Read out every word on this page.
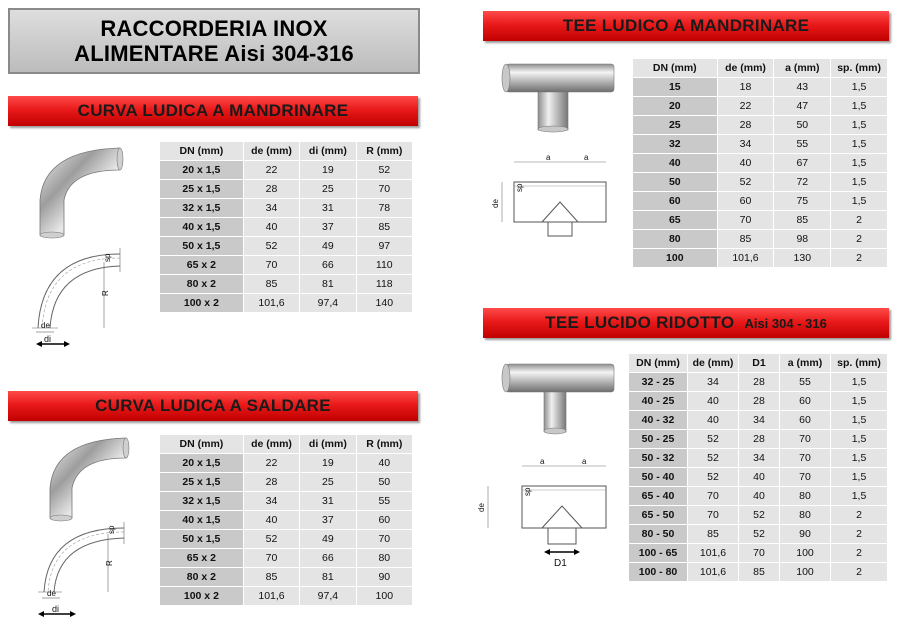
RACCORDERIA INOX
ALIMENTARE Aisi 304-316
CURVA LUDICA A MANDRINARE
R
sp
de
di
DN (mm)	de (mm)	di (mm)	R (mm)
20 x 1,5	22	19	52
25 x 1,5	28	25	70
32 x 1,5	34	31	78
40 x 1,5	40	37	85
50 x 1,5	52	49	97
65 x 2	70	66	110
80 x 2	85	81	118
100 x 2	101,6	97,4	140
CURVA LUDICA A SALDARE
R
sp
de
di
DN (mm)	de (mm)	di (mm)	R (mm)
20 x 1,5	22	19	40
25 x 1,5	28	25	50
32 x 1,5	34	31	55
40 x 1,5	40	37	60
50 x 1,5	52	49	70
65 x 2	70	66	80
80 x 2	85	81	90
100 x 2	101,6	97,4	100
TEE LUDICO A MANDRINARE
a	a
de
sp
DN (mm)	de (mm)	a (mm)	sp. (mm)
15	18	43	1,5
20	22	47	1,5
25	28	50	1,5
32	34	55	1,5
40	40	67	1,5
50	52	72	1,5
60	60	75	1,5
65	70	85	2
80	85	98	2
100	101,6	130	2
TEE LUCIDO RIDOTTO Aisi 304 - 316
a	a
de
sp
D1
DN (mm)	de (mm)	D1	a (mm)	sp. (mm)
32 - 25	34	28	55	1,5
40 - 25	40	28	60	1,5
40 - 32	40	34	60	1,5
50 - 25	52	28	70	1,5
50 - 32	52	34	70	1,5
50 - 40	52	40	70	1,5
65 - 40	70	40	80	1,5
65 - 50	70	52	80	2
80 - 50	85	52	90	2
100 - 65	101,6	70	100	2
100 - 80	101,6	85	100	2
